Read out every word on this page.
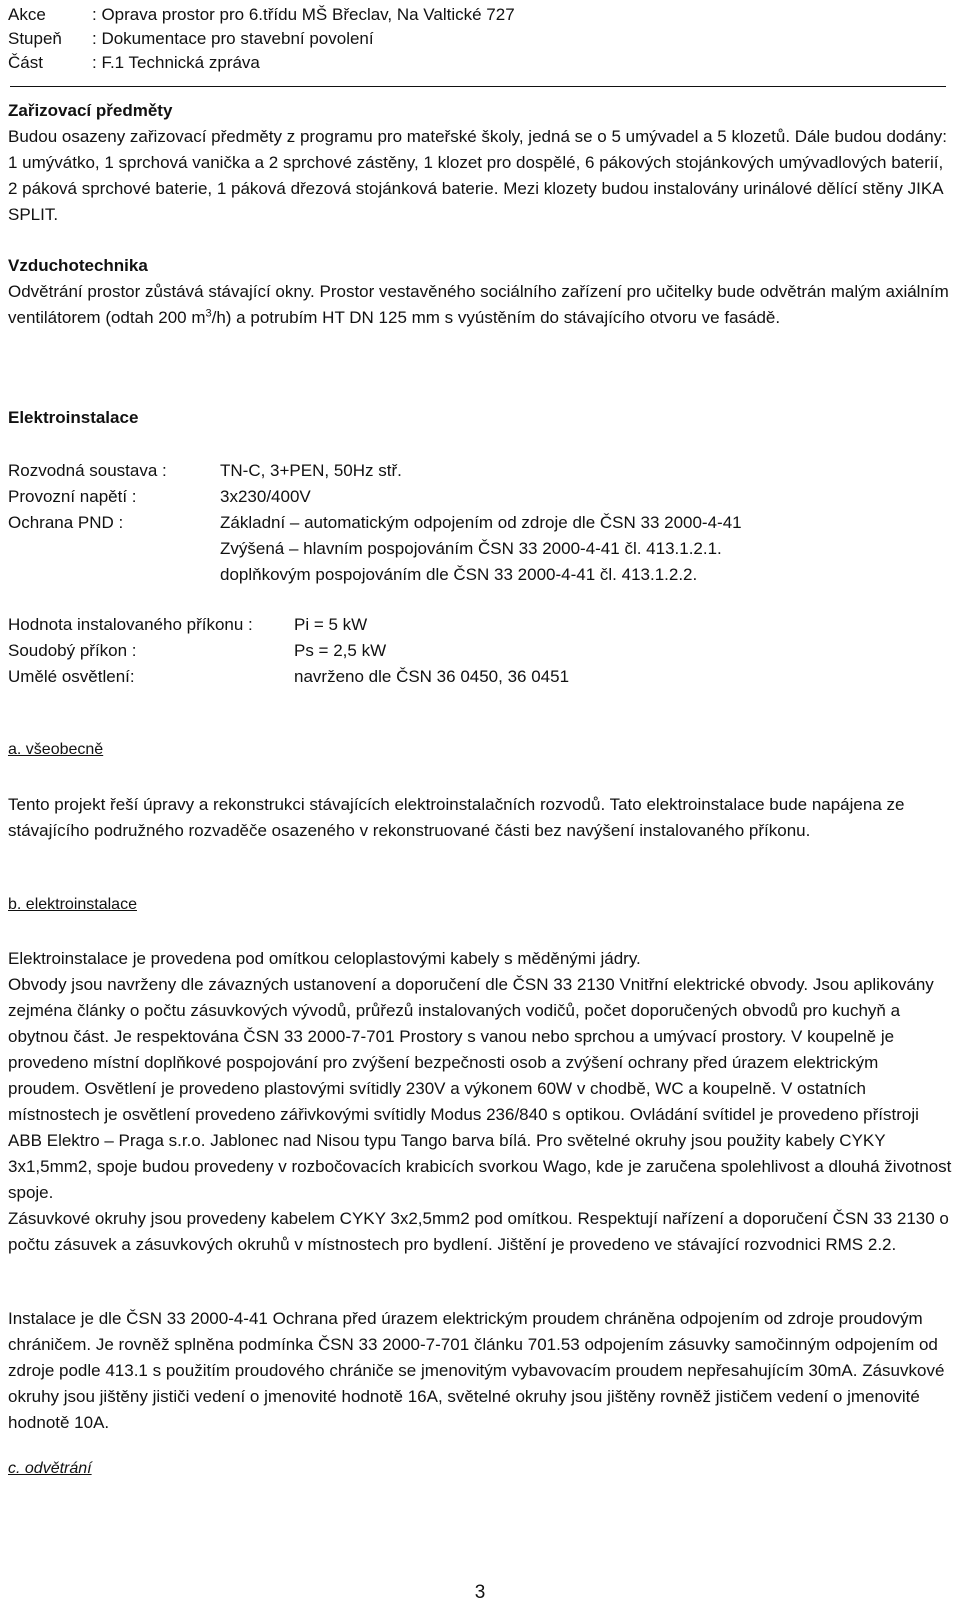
Akce	: Oprava prostor pro 6.třídu MŠ Břeclav, Na Valtické 727
Stupeň	: Dokumentace pro stavební povolení
Část	: F.1 Technická zpráva
Zařizovací předměty

Budou osazeny zařizovací předměty z programu pro mateřské školy, jedná se o 5 umývadel a 5 klozetů. Dále budou dodány: 1 umývátko, 1 sprchová vanička a 2 sprchové zástěny, 1 klozet pro dospělé, 6 pákových stojánkových umývadlových baterií, 2 páková sprchové baterie, 1 páková dřezová stojánková baterie. Mezi klozety budou instalovány urinálové dělící stěny JIKA SPLIT.

Vzduchotechnika

Odvětrání prostor zůstává stávající okny. Prostor vestavěného sociálního zařízení pro učitelky bude odvětrán malým axiálním ventilátorem (odtah 200 $m^3/h$) a potrubím HT DN 125 mm s vyústěním do stávajícího otvoru ve fasádě.

Elektroinstalace
Rozvodná soustava :	TN-C, 3+PEN, 50Hz stř.
Provozní napětí :	3x230/400V
Ochrana PND :	Základní – automatickým odpojením od zdroje dle ČSN 33 2000-4-41
Zvýšená – hlavním pospojováním ČSN 33 2000-4-41 čl. 413.1.2.1. doplňkovým pospojováním dle ČSN 33 2000-4-41 čl. 413.1.2.2.
Hodnota instalovaného příkonu :	Pi = 5 kW
Soudobý příkon :	Ps = 2,5 kW
Umělé osvětlení:	navrženo dle ČSN 36 0450, 36 0451
a. všeobecně

Tento projekt řeší úpravy a rekonstrukci stávajících elektroinstalačních rozvodů. Tato elektroinstalace bude napájena ze stávajícího podružného rozvaděče osazeného v rekonstruované části bez navýšení instalovaného příkonu.

b. elektroinstalace

Elektroinstalace je provedena pod omítkou celoplastovými kabely s měděnými jádry.

Obvody jsou navrženy dle závazných ustanovení a doporučení dle ČSN 33 2130 Vnitřní elektrické obvody. Jsou aplikovány zejména články o počtu zásuvkových vývodů, průřezů instalovaných vodičů, počet doporučených obvodů pro kuchyň a obytnou část. Je respektována ČSN 33 2000-7-701 Prostory s vanou nebo sprchou a umývací prostory. V koupelně je provedeno místní doplňkové pospojování pro zvýšení bezpečnosti osob a zvýšení ochrany před úrazem elektrickým proudem. Osvětlení je provedeno plastovými svítidly 230V a výkonem 60W v chodbě, WC a koupelně. V ostatních místnostech je osvětlení provedeno zářivkovými svítidly Modus 236/840 s optikou. Ovládání svítidel je provedeno přístroji ABB Elektro – Praga s.r.o. Jablonec nad Nisou typu Tango barva bílá. Pro světelné okruhy jsou použity kabely CYKY 3x1,5mm2, spoje budou provedeny v rozbočovacích krabicích svorkou Wago, kde je zaručena spolehlivost a dlouhá životnost spoje.

Zásuvkové okruhy jsou provedeny kabelem CYKY 3x2,5mm2 pod omítkou. Respektují nařízení a doporučení ČSN 33 2130 o počtu zásuvek a zásuvkových okruhů v místnostech pro bydlení. Jištění je provedeno ve stávající rozvodnici RMS 2.2.

Instalace je dle ČSN 33 2000-4-41 Ochrana před úrazem elektrickým proudem chráněna odpojením od zdroje proudovým chráničem. Je rovněž splněna podmínka ČSN 33 2000-7-701 článku 701.53 odpojením zásuvky samočinným odpojením od zdroje podle 413.1 s použitím proudového chrániče se jmenovitým vybavovacím proudem nepřesahujícím 30mA. Zásuvkové okruhy jsou jištěny jističi vedení o jmenovité hodnotě 16A, světelné okruhy jsou jištěny rovněž jističem vedení o jmenovité hodnotě 10A.

c. odvětrání
3
